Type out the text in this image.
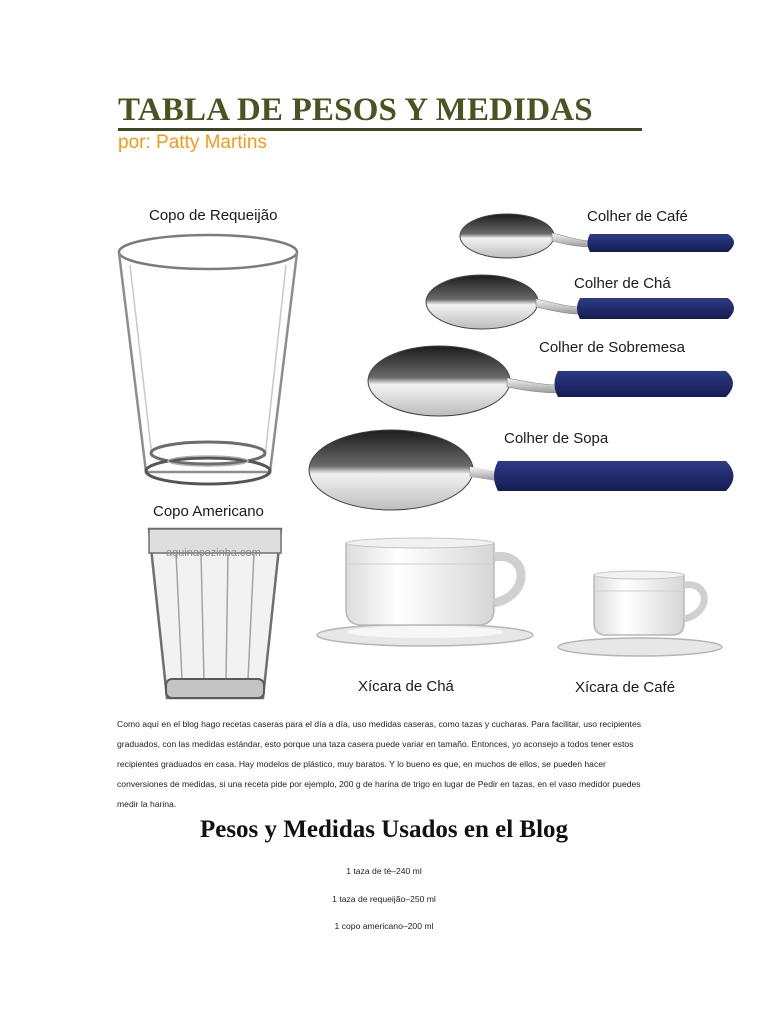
TABLA DE PESOS Y MEDIDAS
por: Patty Martins
Copo de Requeijão
Copo Americano
aquinacozinha.com
Colher de Café
Colher de Chá
Colher de Sobremesa
Colher de Sopa
Xícara de Chá	Xícara de Café

Como aquí en el blog hago recetas caseras para el día a día, uso medidas caseras, como tazas y cucharas. Para facilitar, uso recipientes graduados, con las medidas estándar, esto porque una taza casera puede variar en tamaño. Entonces, yo aconsejo a todos tener estos recipientes graduados en casa. Hay modelos de plástico, muy baratos. Y lo bueno es que, en muchos de ellos, se pueden hacer conversiones de medidas, si una receta pide por ejemplo, 200 g de harina de trigo en lugar de Pedir en tazas, en el vaso medidor puedes medir la harina.

Pesos y Medidas Usados en el Blog
1 taza de té–240 ml
1 taza de requeijão–250 ml
1 copo americano–200 ml
